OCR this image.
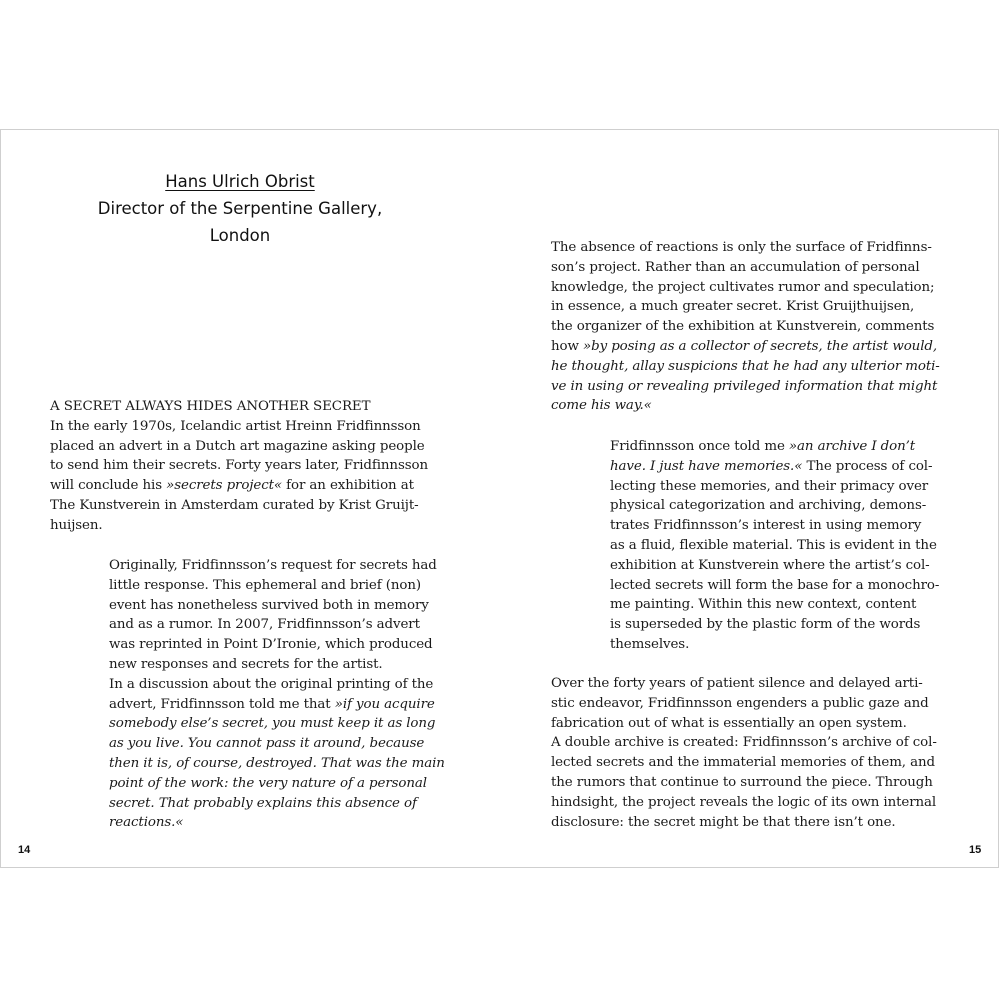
Hans Ulrich Obrist
Director of the Serpentine Gallery,
London
A SECRET ALWAYS HIDES ANOTHER SECRET
In the early 1970s, Icelandic artist Hreinn Fridfinnsson
placed an advert in a Dutch art magazine asking people
to send him their secrets. Forty years later, Fridfinnsson
will conclude his »secrets project« for an exhibition at
The Kunstverein in Amsterdam curated by Krist Gruijt-
huijsen.
Originally, Fridfinnsson’s request for secrets had
little response. This ephemeral and brief (non)
event has nonetheless survived both in memory
and as a rumor. In 2007, Fridfinnsson’s advert
was reprinted in Point D’Ironie, which produced
new responses and secrets for the artist.
In a discussion about the original printing of the
advert, Fridfinnsson told me that »if you acquire
somebody else’s secret, you must keep it as long
as you live. You cannot pass it around, because
then it is, of course, destroyed. That was the main
point of the work: the very nature of a personal
secret. That probably explains this absence of
reactions.«
14
The absence of reactions is only the surface of Fridfinns-
son’s project. Rather than an accumulation of personal
knowledge, the project cultivates rumor and speculation;
in essence, a much greater secret. Krist Gruijthuijsen,
the organizer of the exhibition at Kunstverein, comments
how »by posing as a collector of secrets, the artist would,
he thought, allay suspicions that he had any ulterior moti-
ve in using or revealing privileged information that might
come his way.«
Fridfinnsson once told me »an archive I don’t
have. I just have memories.« The process of col-
lecting these memories, and their primacy over
physical categorization and archiving, demons-
trates Fridfinnsson’s interest in using memory
as a fluid, flexible material. This is evident in the
exhibition at Kunstverein where the artist’s col-
lected secrets will form the base for a monochro-
me painting. Within this new context, content
is superseded by the plastic form of the words
themselves.
Over the forty years of patient silence and delayed arti-
stic endeavor, Fridfinnsson engenders a public gaze and
fabrication out of what is essentially an open system.
A double archive is created: Fridfinnsson’s archive of col-
lected secrets and the immaterial memories of them, and
the rumors that continue to surround the piece. Through
hindsight, the project reveals the logic of its own internal
disclosure: the secret might be that there isn’t one.
15
